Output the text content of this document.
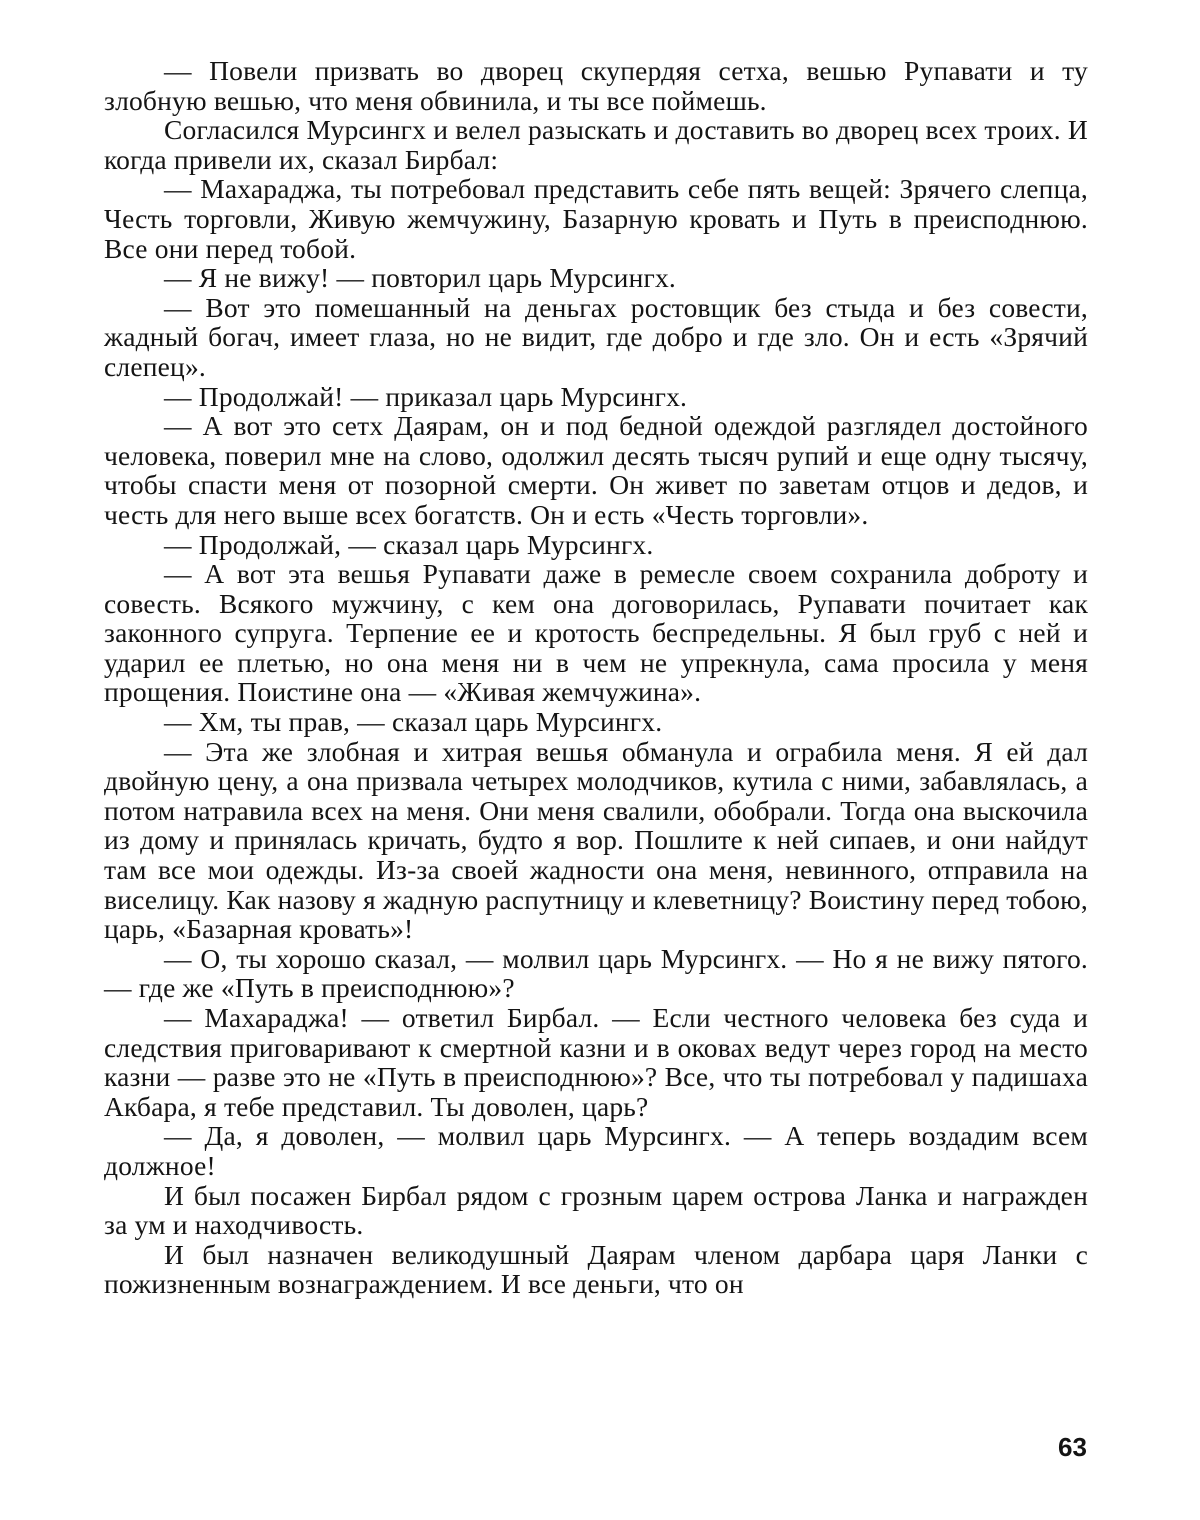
— Повели призвать во дворец скупердяя сетха, вешью Рупавати и ту злобную вешью, что меня обвинила, и ты все поймешь.

Согласился Мурсингх и велел разыскать и доставить во дворец всех троих. И когда привели их, сказал Бирбал:

— Махараджа, ты потребовал представить себе пять вещей: Зрячего слепца, Честь торговли, Живую жемчужину, Базарную кровать и Путь в преисподнюю. Все они перед тобой.

— Я не вижу! — повторил царь Мурсингх.

— Вот это помешанный на деньгах ростовщик без стыда и без совести, жадный богач, имеет глаза, но не видит, где добро и где зло. Он и есть «Зрячий слепец».

— Продолжай! — приказал царь Мурсингх.

— А вот это сетх Даярам, он и под бедной одеждой разглядел достойного человека, поверил мне на слово, одолжил десять тысяч рупий и еще одну тысячу, чтобы спасти меня от позорной смерти. Он живет по заветам отцов и дедов, и честь для него выше всех богатств. Он и есть «Честь торговли».

— Продолжай, — сказал царь Мурсингх.

— А вот эта вешья Рупавати даже в ремесле своем сохранила доброту и совесть. Всякого мужчину, с кем она договорилась, Рупавати почитает как законного супруга. Терпение ее и кротость беспредельны. Я был груб с ней и ударил ее плетью, но она меня ни в чем не упрекнула, сама просила у меня прощения. Поистине она — «Живая жемчужина».

— Хм, ты прав, — сказал царь Мурсингх.

— Эта же злобная и хитрая вешья обманула и ограбила меня. Я ей дал двойную цену, а она призвала четырех молодчиков, кутила с ними, забавлялась, а потом натравила всех на меня. Они меня свалили, обобрали. Тогда она выскочила из дому и принялась кричать, будто я вор. Пошлите к ней сипаев, и они найдут там все мои одежды. Из-за своей жадности она меня, невинного, отправила на виселицу. Как назову я жадную распутницу и клеветницу? Воистину перед тобою, царь, «Базарная кровать»!

— О, ты хорошо сказал, — молвил царь Мурсингх. — Но я не вижу пятого. — где же «Путь в преисподнюю»?

— Махараджа! — ответил Бирбал. — Если честного человека без суда и следствия приговаривают к смертной казни и в оковах ведут через город на место казни — разве это не «Путь в преисподнюю»? Все, что ты потребовал у падишаха Акбара, я тебе представил. Ты доволен, царь?

— Да, я доволен, — молвил царь Мурсингх. — А теперь воздадим всем должное!

И был посажен Бирбал рядом с грозным царем острова Ланка и награжден за ум и находчивость.

И был назначен великодушный Даярам членом дарбара царя Ланки с пожизненным вознаграждением. И все деньги, что он

63
